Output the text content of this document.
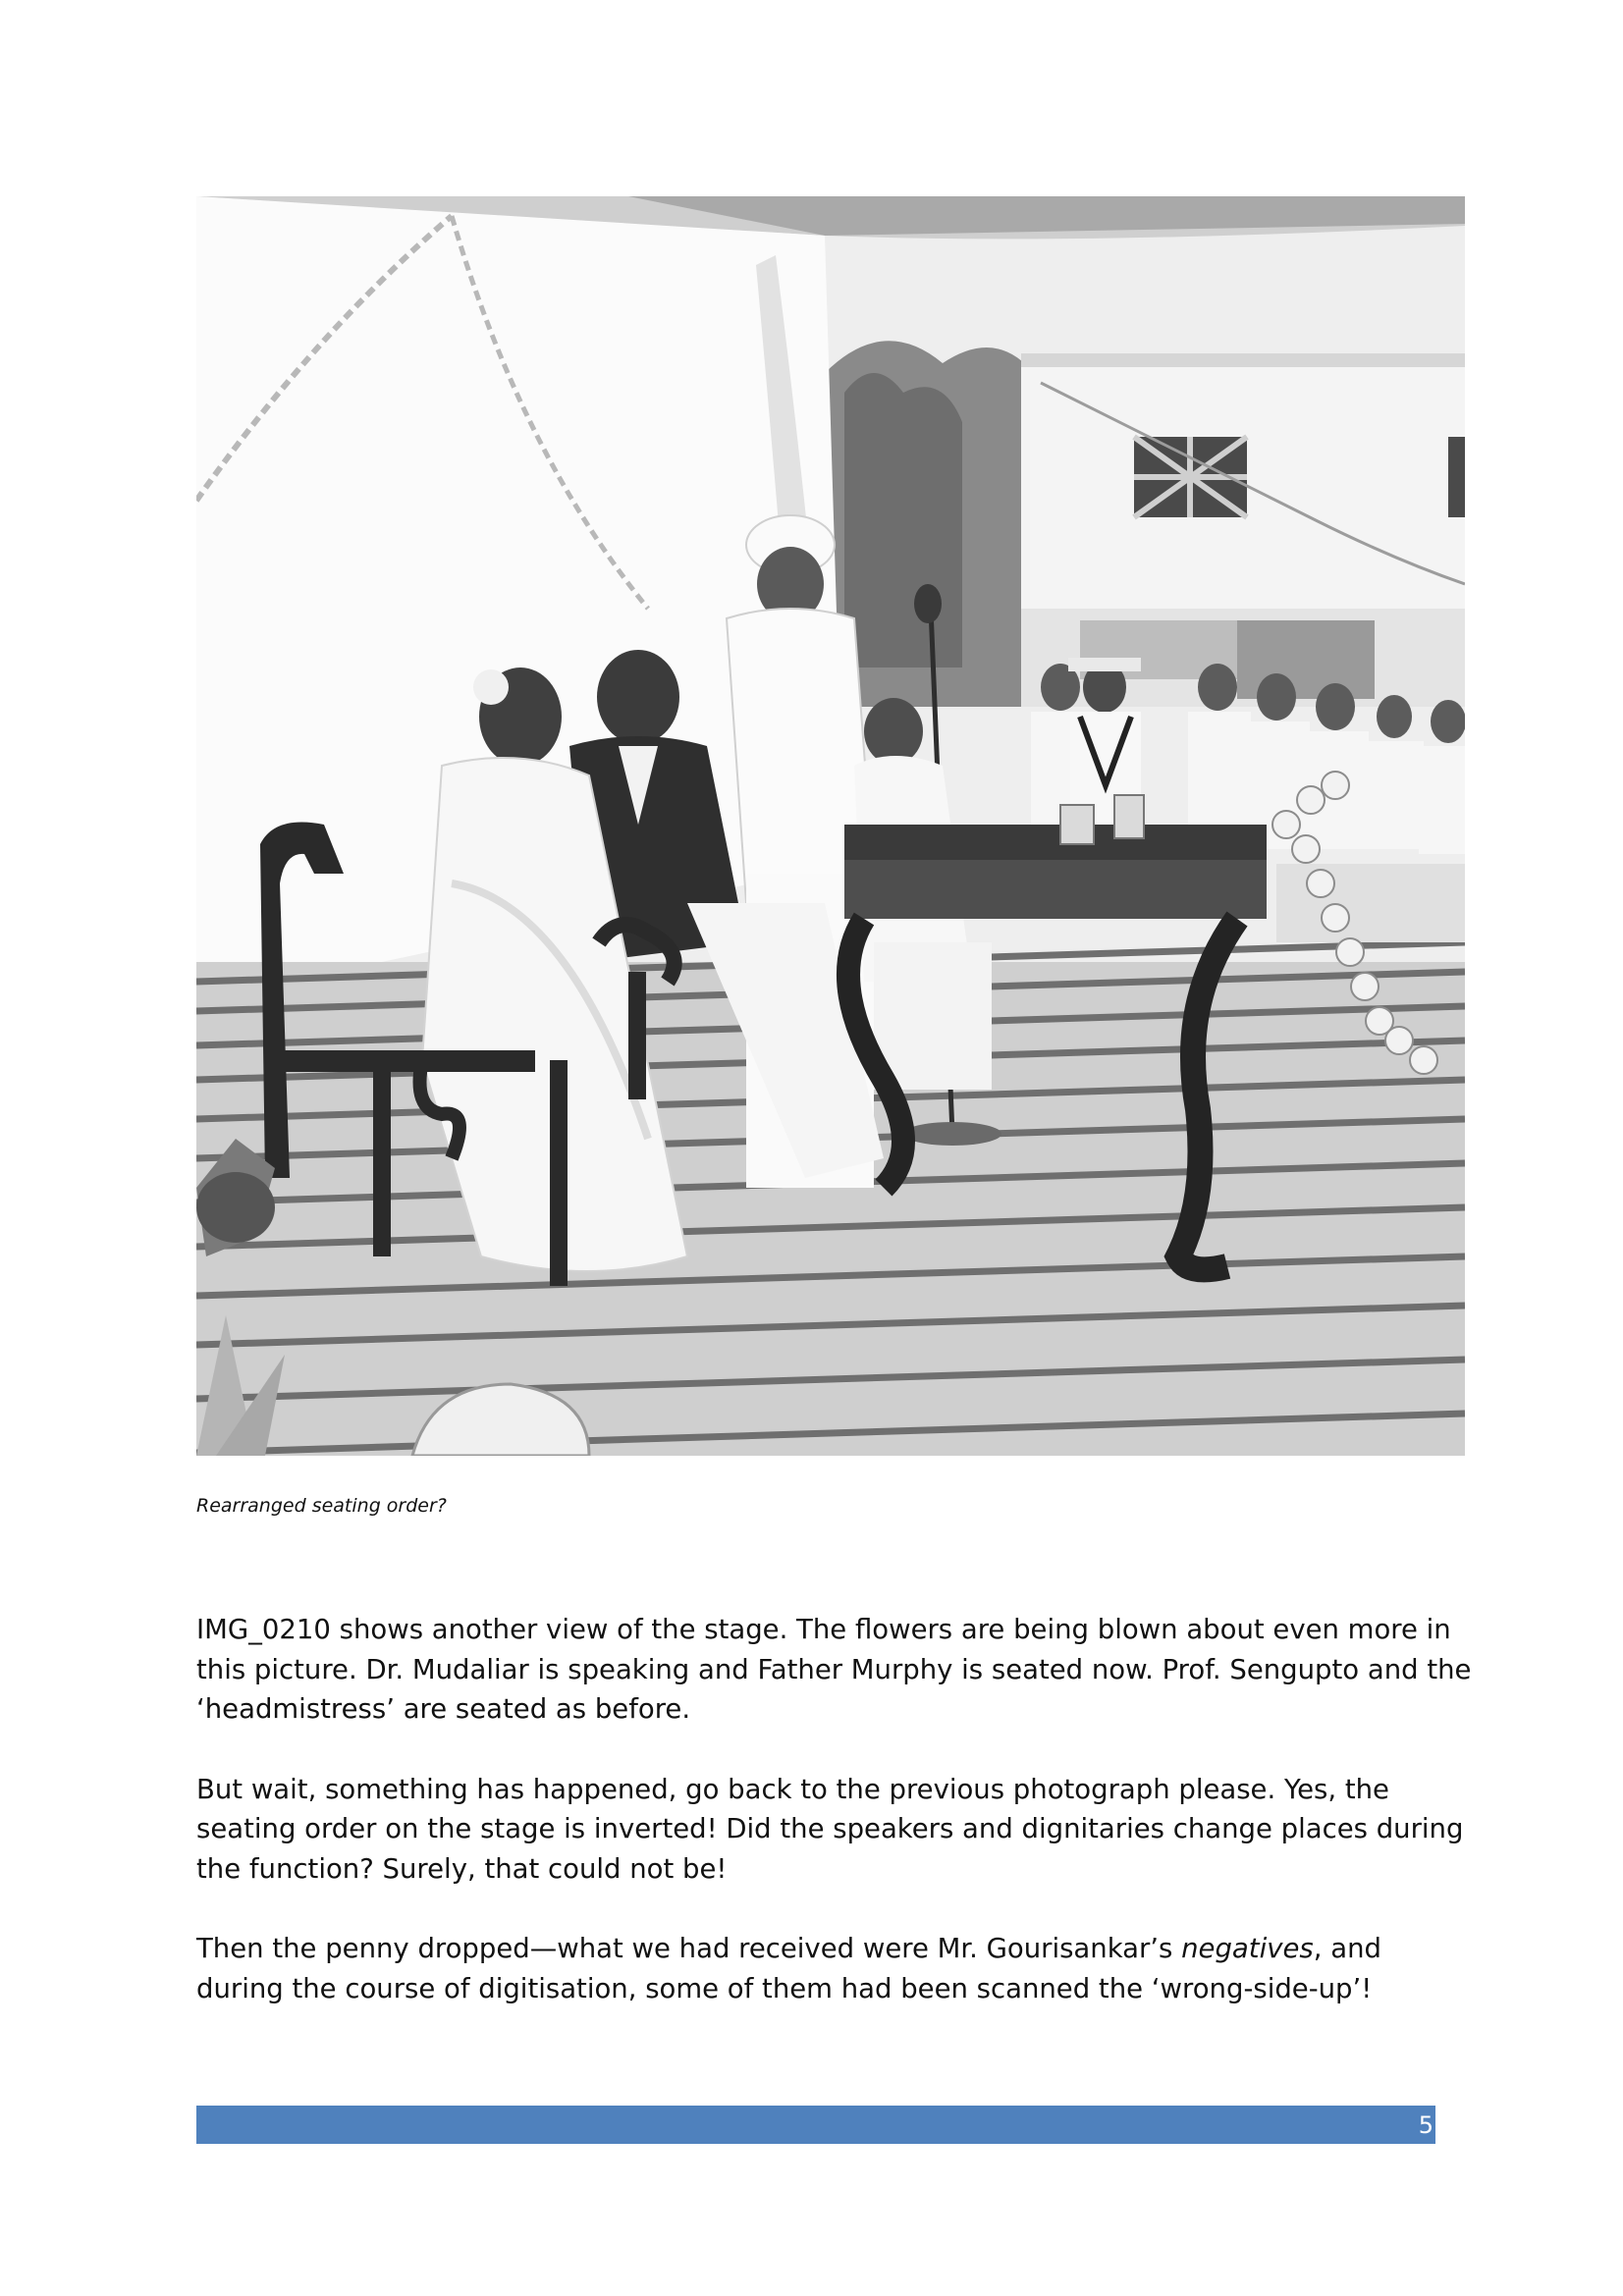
Rearranged seating order?

IMG_0210 shows another view of the stage. The flowers are being blown about even more in this picture. Dr. Mudaliar is speaking and Father Murphy is seated now. Prof. Sengupto and the ‘headmistress’ are seated as before.

But wait, something has happened, go back to the previous photograph please. Yes, the seating order on the stage is inverted! Did the speakers and dignitaries change places during the function? Surely, that could not be!

Then the penny dropped—what we had received were Mr. Gourisankar’s negatives, and during the course of digitisation, some of them had been scanned the ‘wrong-side-up’!

5
